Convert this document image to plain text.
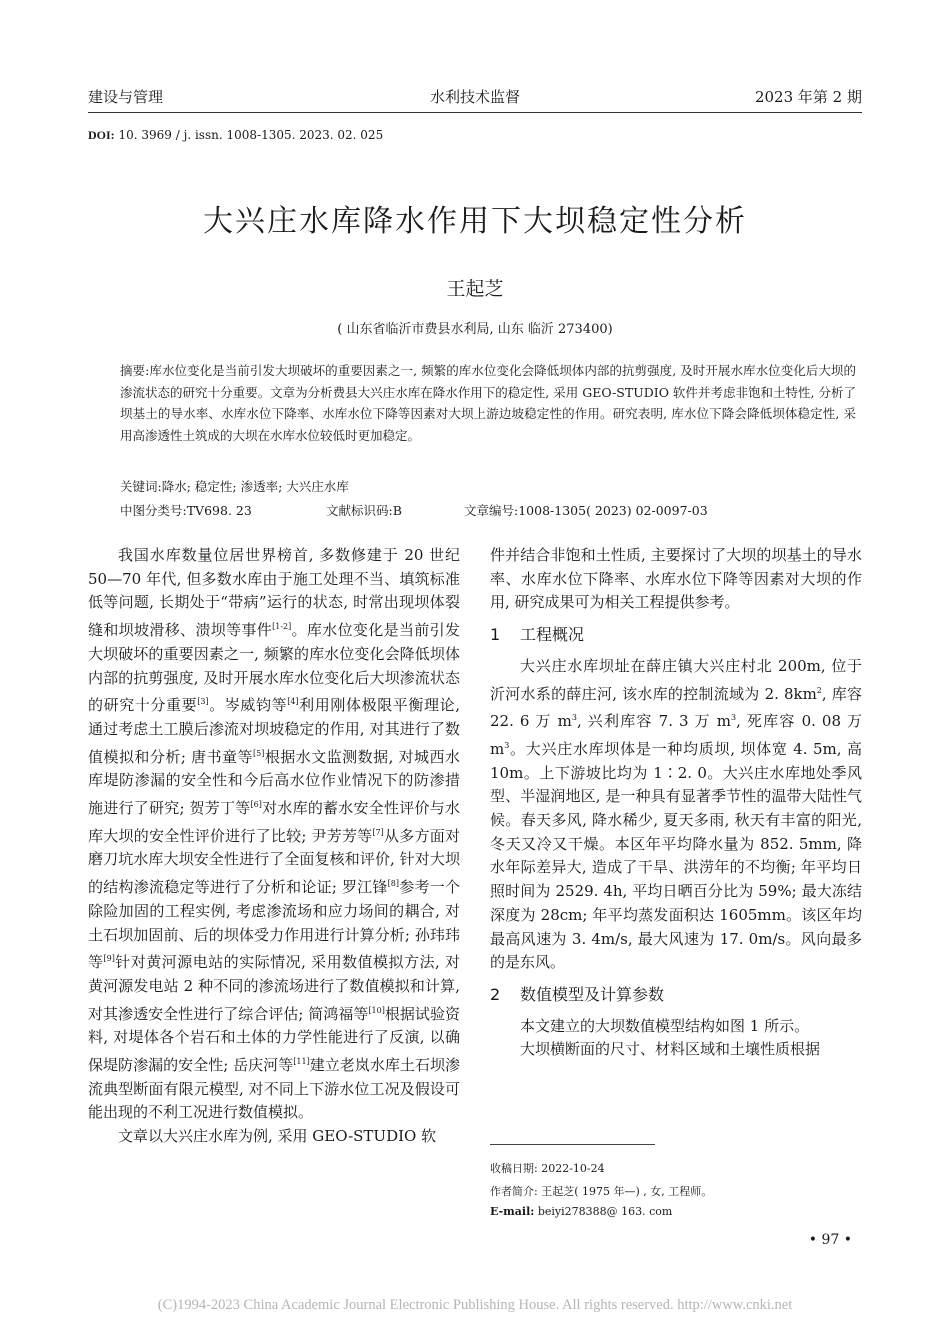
建设与管理	水利技术监督	2023 年第 2 期
DOI: 10. 3969 / j. issn. 1008-1305. 2023. 02. 025
大兴庄水库降水作用下大坝稳定性分析
王起芝
( 山东省临沂市费县水利局, 山东 临沂 273400)
摘要:库水位变化是当前引发大坝破坏的重要因素之一, 频繁的库水位变化会降低坝体内部的抗剪强度, 及时开展水库水位变化后大坝的渗流状态的研究十分重要。文章为分析费县大兴庄水库在降水作用下的稳定性, 采用 GEO-STUDIO 软件并考虑非饱和土特性, 分析了坝基土的导水率、水库水位下降率、水库水位下降等因素对大坝上游边坡稳定性的作用。研究表明, 库水位下降会降低坝体稳定性, 采用高渗透性土筑成的大坝在水库水位较低时更加稳定。
关键词:降水; 稳定性; 渗透率; 大兴庄水库
中图分类号:TV698. 23	文献标识码:B	文章编号:1008-1305( 2023) 02-0097-03

我国水库数量位居世界榜首, 多数修建于 20 世纪 50—70 年代, 但多数水库由于施工处理不当、填筑标准低等问题, 长期处于“带病”运行的状态, 时常出现坝体裂缝和坝坡滑移、溃坝等事件[1-2]。库水位变化是当前引发大坝破坏的重要因素之一, 频繁的库水位变化会降低坝体内部的抗剪强度, 及时开展水库水位变化后大坝渗流状态的研究十分重要[3]。岑威钧等[4]利用刚体极限平衡理论, 通过考虑土工膜后渗流对坝坡稳定的作用, 对其进行了数值模拟和分析; 唐书童等[5]根据水文监测数据, 对城西水库堤防渗漏的安全性和今后高水位作业情况下的防渗措施进行了研究; 贺芳丁等[6]对水库的蓄水安全性评价与水库大坝的安全性评价进行了比较; 尹芳芳等[7]从多方面对磨刀坑水库大坝安全性进行了全面复核和评价, 针对大坝的结构渗流稳定等进行了分析和论证; 罗江锋[8]参考一个除险加固的工程实例, 考虑渗流场和应力场间的耦合, 对土石坝加固前、后的坝体受力作用进行计算分析; 孙玮玮等[9]针对黄河源电站的实际情况, 采用数值模拟方法, 对黄河源发电站 2 种不同的渗流场进行了数值模拟和计算, 对其渗透安全性进行了综合评估; 简鸿福等[10]根据试验资料, 对堤体各个岩石和土体的力学性能进行了反演, 以确保堤防渗漏的安全性; 岳庆河等[11]建立老岚水库土石坝渗流典型断面有限元模型, 对不同上下游水位工况及假设可能出现的不利工况进行数值模拟。

文章以大兴庄水库为例, 采用 GEO-STUDIO 软

件并结合非饱和土性质, 主要探讨了大坝的坝基土的导水率、水库水位下降率、水库水位下降等因素对大坝的作用, 研究成果可为相关工程提供参考。

1 工程概况

大兴庄水库坝址在薛庄镇大兴庄村北 200m, 位于沂河水系的薛庄河, 该水库的控制流域为 2. $8km^2$, 库容 22. 6 万 $m^3$, 兴利库容 7. 3 万 $m^3$, 死库容 0. 08 万 $m^3$。大兴庄水库坝体是一种均质坝, 坝体宽 4. 5m, 高 10m。上下游坡比均为 1∶2. 0。大兴庄水库地处季风型、半湿润地区, 是一种具有显著季节性的温带大陆性气候。春天多风, 降水稀少, 夏天多雨, 秋天有丰富的阳光, 冬天又冷又干燥。本区年平均降水量为 852. 5mm, 降水年际差异大, 造成了干旱、洪涝年的不均衡; 年平均日照时间为 2529. 4h, 平均日晒百分比为 59%; 最大冻结深度为 28cm; 年平均蒸发面积达 1605mm。该区年均最高风速为 3. 4m/s, 最大风速为 17. 0m/s。风向最多的是东风。

2 数值模型及计算参数

本文建立的大坝数值模型结构如图 1 所示。

大坝横断面的尺寸、材料区域和土壤性质根据

收稿日期: 2022-10-24
作者简介: 王起芝( 1975 年—) , 女, 工程师。
E-mail: beiyi278388@ 163. com
• 97 •
(C)1994-2023 China Academic Journal Electronic Publishing House. All rights reserved. http://www.cnki.net
